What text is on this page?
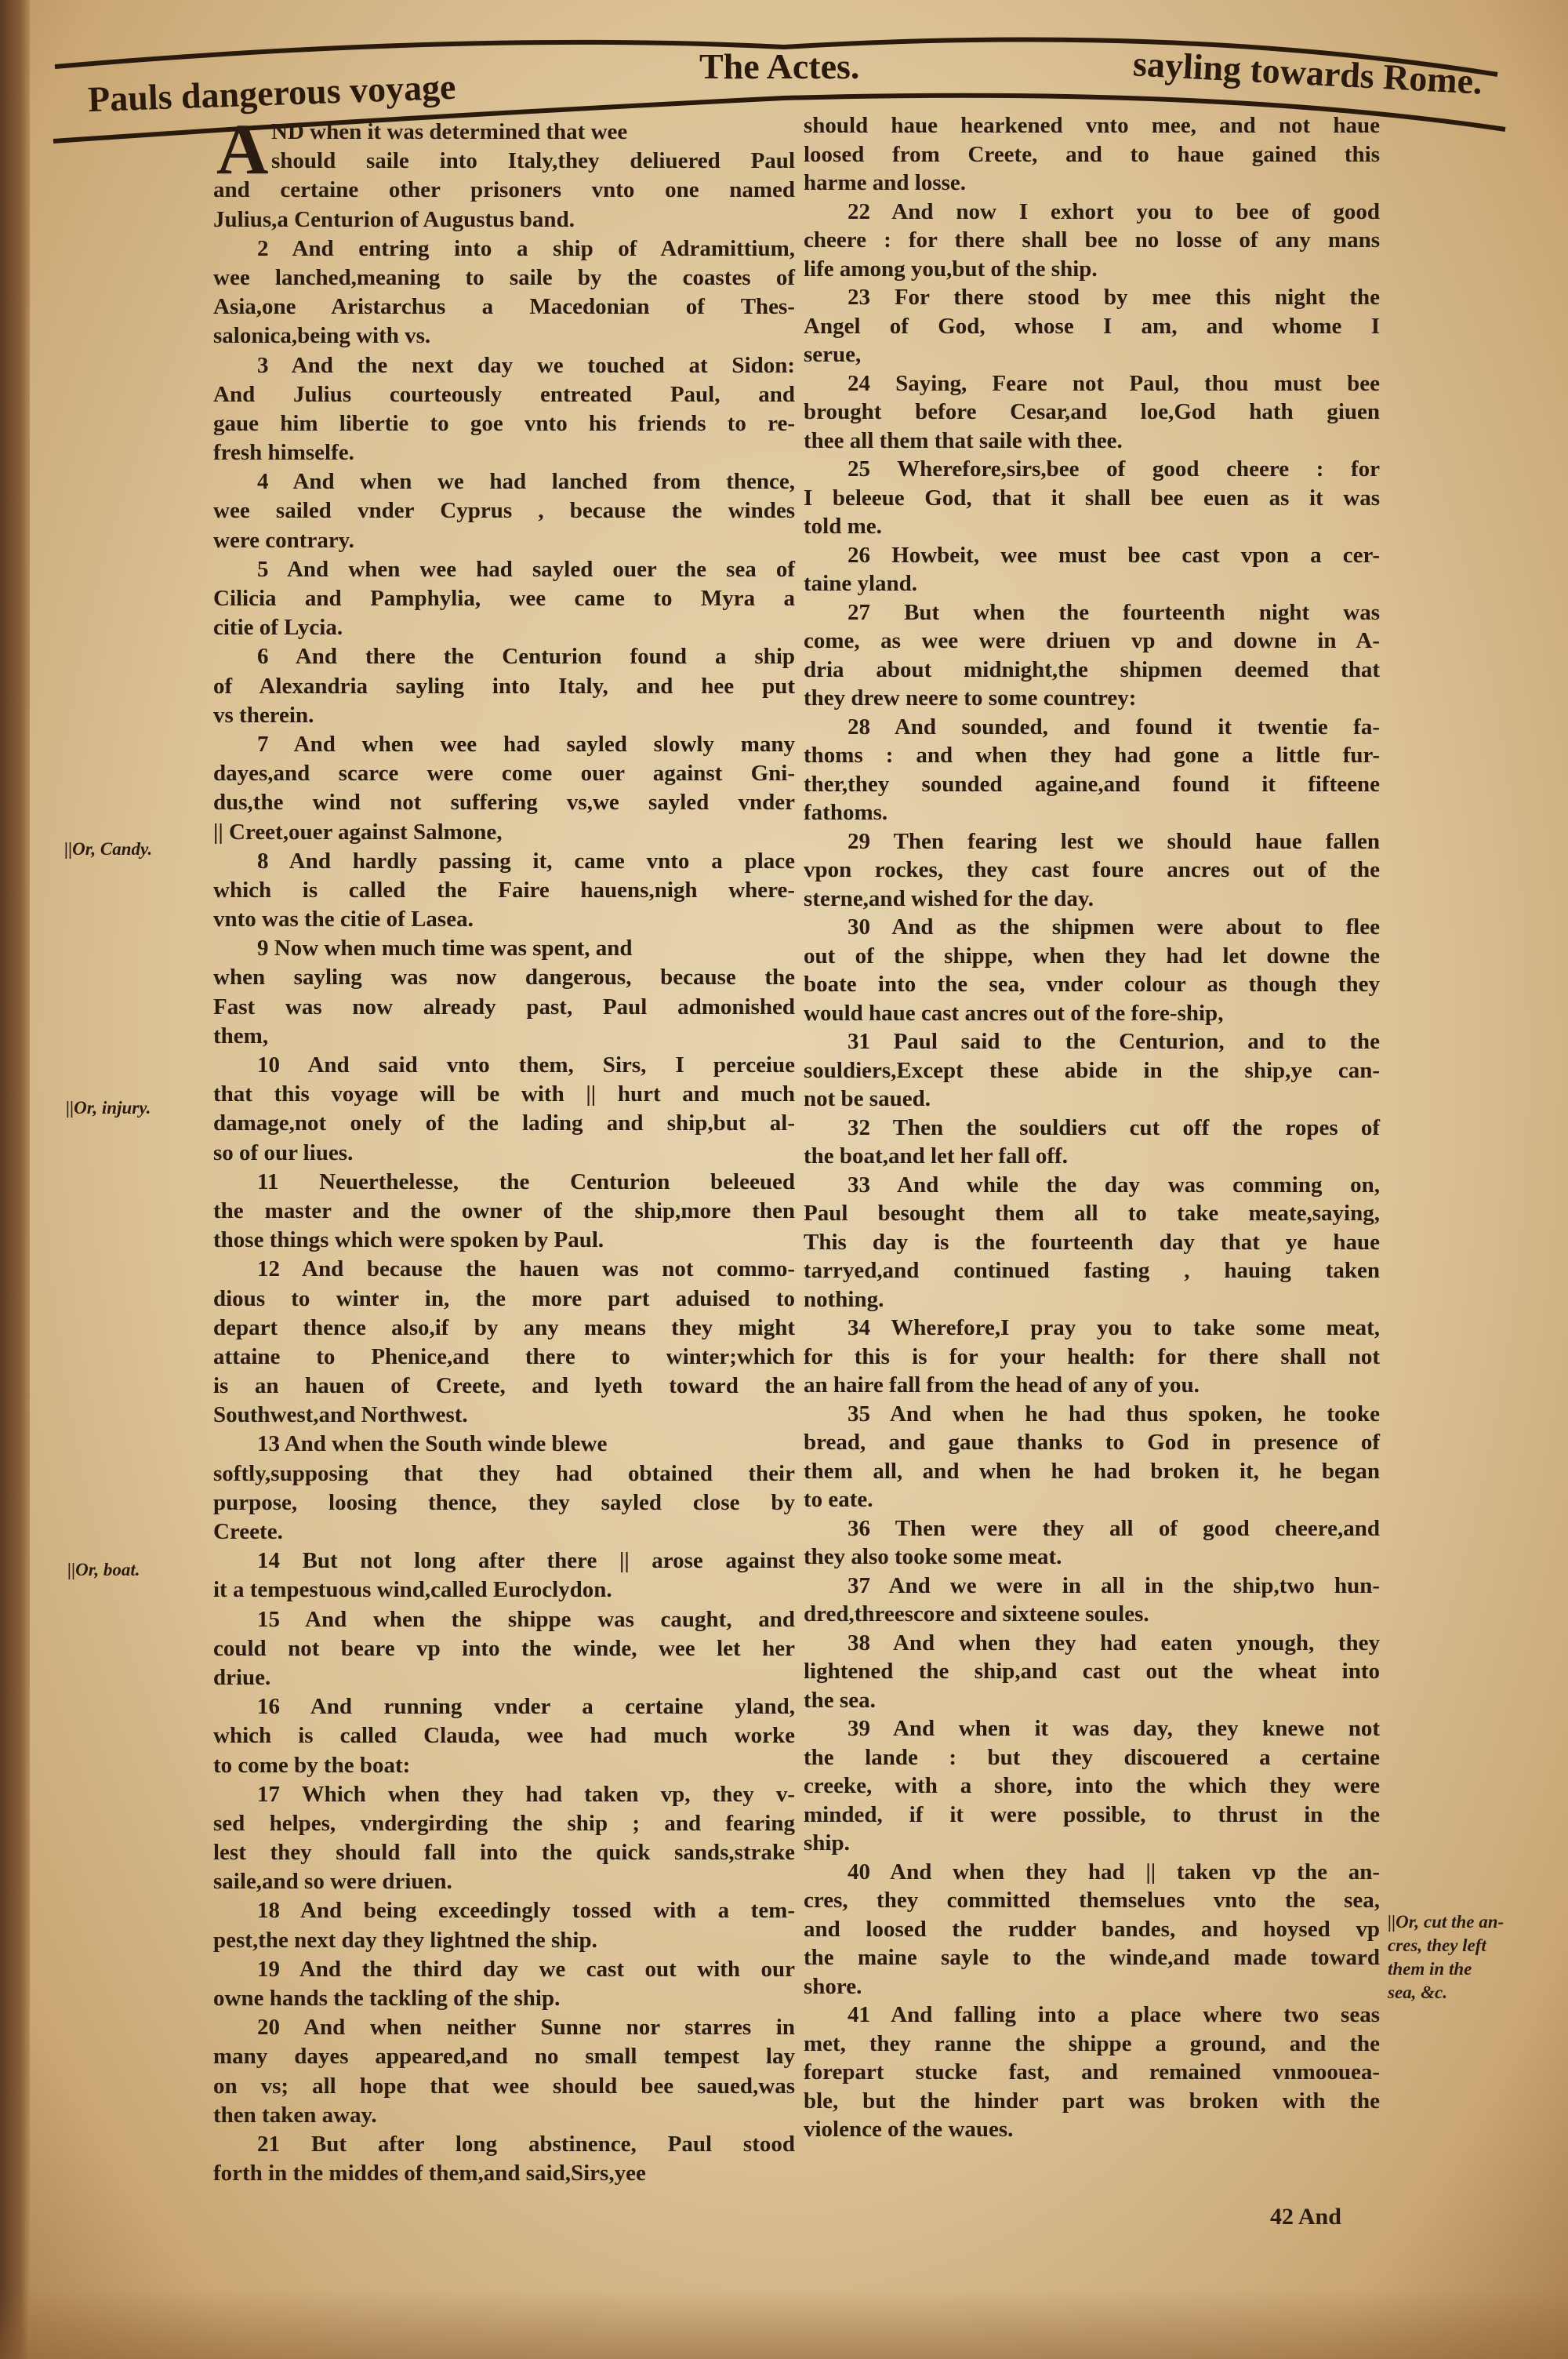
Pauls dangerous voyage
The Actes.	sayling towards Rome.
A ND when it was determined that wee
should saile into Italy,they deliuered Paul
and certaine other prisoners vnto one named
Julius,a Centurion of Augustus band.
2 And entring into a ship of Adramittium,
wee lanched,meaning to saile by the coastes of
Asia,one Aristarchus a Macedonian of Thes-
salonica,being with vs.
3 And the next day we touched at Sidon:
And Julius courteously entreated Paul, and
gaue him libertie to goe vnto his friends to re-
fresh himselfe.
4 And when we had lanched from thence,
wee sailed vnder Cyprus , because the windes
were contrary.
5 And when wee had sayled ouer the sea of
Cilicia and Pamphylia, wee came to Myra a
citie of Lycia.
6 And there the Centurion found a ship
of Alexandria sayling into Italy, and hee put
vs therein.
7 And when wee had sayled slowly many
dayes,and scarce were come ouer against Gni-
dus,the wind not suffering vs,we sayled vnder
|| Creet,ouer against Salmone,
8 And hardly passing it, came vnto a place
which is called the Faire hauens,nigh where-
vnto was the citie of Lasea.
9 Now when much time was spent, and
when sayling was now dangerous, because the
Fast was now already past, Paul admonished
them,
10 And said vnto them, Sirs, I perceiue
that this voyage will be with || hurt and much
damage,not onely of the lading and ship,but al-
so of our liues.
11 Neuerthelesse, the Centurion beleeued
the master and the owner of the ship,more then
those things which were spoken by Paul.
12 And because the hauen was not commo-
dious to winter in, the more part aduised to
depart thence also,if by any means they might
attaine to Phenice,and there to winter;which
is an hauen of Creete, and lyeth toward the
Southwest,and Northwest.
13 And when the South winde blewe
softly,supposing that they had obtained their
purpose, loosing thence, they sayled close by
Creete.
14 But not long after there || arose against
it a tempestuous wind,called Euroclydon.
15 And when the shippe was caught, and
could not beare vp into the winde, wee let her
driue.
16 And running vnder a certaine yland,
which is called Clauda, wee had much worke
to come by the boat:
17 Which when they had taken vp, they v-
sed helpes, vndergirding the ship ; and fearing
lest they should fall into the quick sands,strake
saile,and so were driuen.
18 And being exceedingly tossed with a tem-
pest,the next day they lightned the ship.
19 And the third day we cast out with our
owne hands the tackling of the ship.
20 And when neither Sunne nor starres in
many dayes appeared,and no small tempest lay
on vs; all hope that wee should bee saued,was
then taken away.
21 But after long abstinence, Paul stood
forth in the middes of them,and said,Sirs,yee
should haue hearkened vnto mee, and not haue
loosed from Creete, and to haue gained this
harme and losse.
22 And now I exhort you to bee of good
cheere : for there shall bee no losse of any mans
life among you,but of the ship.
23 For there stood by mee this night the
Angel of God, whose I am, and whome I
serue,
24 Saying, Feare not Paul, thou must bee
brought before Cesar,and loe,God hath giuen
thee all them that saile with thee.
25 Wherefore,sirs,bee of good cheere : for
I beleeue God, that it shall bee euen as it was
told me.
26 Howbeit, wee must bee cast vpon a cer-
taine yland.
27 But when the fourteenth night was
come, as wee were driuen vp and downe in A-
dria about midnight,the shipmen deemed that
they drew neere to some countrey:
28 And sounded, and found it twentie fa-
thoms : and when they had gone a little fur-
ther,they sounded againe,and found it fifteene
fathoms.
29 Then fearing lest we should haue fallen
vpon rockes, they cast foure ancres out of the
sterne,and wished for the day.
30 And as the shipmen were about to flee
out of the shippe, when they had let downe the
boate into the sea, vnder colour as though they
would haue cast ancres out of the fore-ship,
31 Paul said to the Centurion, and to the
souldiers,Except these abide in the ship,ye can-
not be saued.
32 Then the souldiers cut off the ropes of
the boat,and let her fall off.
33 And while the day was comming on,
Paul besought them all to take meate,saying,
This day is the fourteenth day that ye haue
tarryed,and continued fasting , hauing taken
nothing.
34 Wherefore,I pray you to take some meat,
for this is for your health: for there shall not
an haire fall from the head of any of you.
35 And when he had thus spoken, he tooke
bread, and gaue thanks to God in presence of
them all, and when he had broken it, he began
to eate.
36 Then were they all of good cheere,and
they also tooke some meat.
37 And we were in all in the ship,two hun-
dred,threescore and sixteene soules.
38 And when they had eaten ynough, they
lightened the ship,and cast out the wheat into
the sea.
39 And when it was day, they knewe not
the lande : but they discouered a certaine
creeke, with a shore, into the which they were
minded, if it were possible, to thrust in the
ship.
40 And when they had || taken vp the an-
cres, they committed themselues vnto the sea,
and loosed the rudder bandes, and hoysed vp
the maine sayle to the winde,and made toward
shore.
41 And falling into a place where two seas
met, they ranne the shippe a ground, and the
forepart stucke fast, and remained vnmoouea-
ble, but the hinder part was broken with the
violence of the waues.
||Or, Candy.
||Or, injury.
||Or, boat.
||Or, cut the an-
cres, they left
them in the
sea, &c.
42 And
